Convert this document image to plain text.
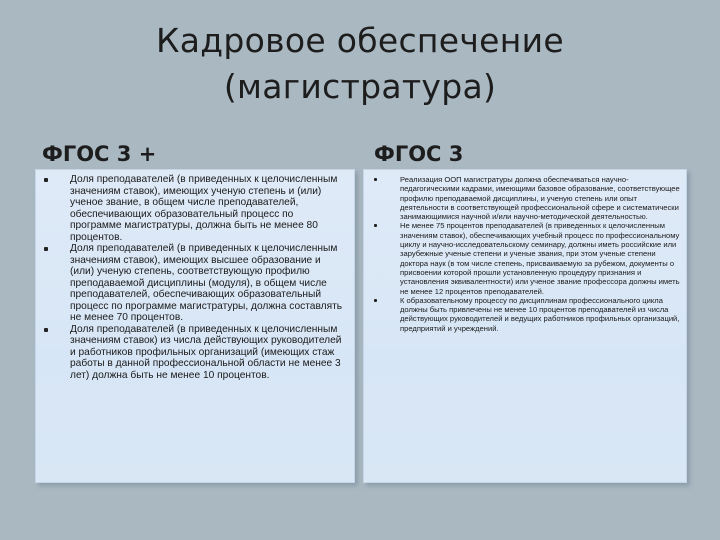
Кадровое обеспечение
(магистратура)
ФГОС 3 +	ФГОС 3
Доля преподавателей (в приведенных к целочисленным значениям ставок), имеющих ученую степень и (или) ученое звание, в общем числе преподавателей, обеспечивающих образовательный процесс по программе магистратуры, должна быть не менее 80 процентов.
Доля преподавателей (в приведенных к целочисленным значениям ставок), имеющих высшее образование и (или) ученую степень, соответствующую профилю преподаваемой дисциплины (модуля), в общем числе преподавателей, обеспечивающих образовательный процесс по программе магистратуры, должна составлять не менее 70 процентов.
Доля преподавателей (в приведенных к целочисленным значениям ставок) из числа действующих руководителей и работников профильных организаций (имеющих стаж работы в данной профессиональной области не менее 3 лет) должна быть не менее 10 процентов.
Реализация ООП магистратуры должна обеспечиваться научно-педагогическими кадрами, имеющими базовое образование, соответствующее профилю преподаваемой дисциплины, и ученую степень или опыт деятельности в соответствующей профессиональной сфере и систематически занимающимися научной и/или научно-методической деятельностью.
Не менее 75 процентов преподавателей (в приведенных к целочисленным значениям ставок), обеспечивающих учебный процесс по профессиональному циклу и научно-исследовательскому семинару, должны иметь российские или зарубежные ученые степени и ученые звания, при этом ученые степени доктора наук (в том числе степень, присваиваемую за рубежом, документы о присвоении которой прошли установленную процедуру признания и установления эквивалентности) или ученое звание профессора должны иметь не менее 12 процентов преподавателей.
К образовательному процессу по дисциплинам профессионального цикла должны быть привлечены не менее 10 процентов преподавателей из числа действующих руководителей и ведущих работников профильных организаций, предприятий и учреждений.
